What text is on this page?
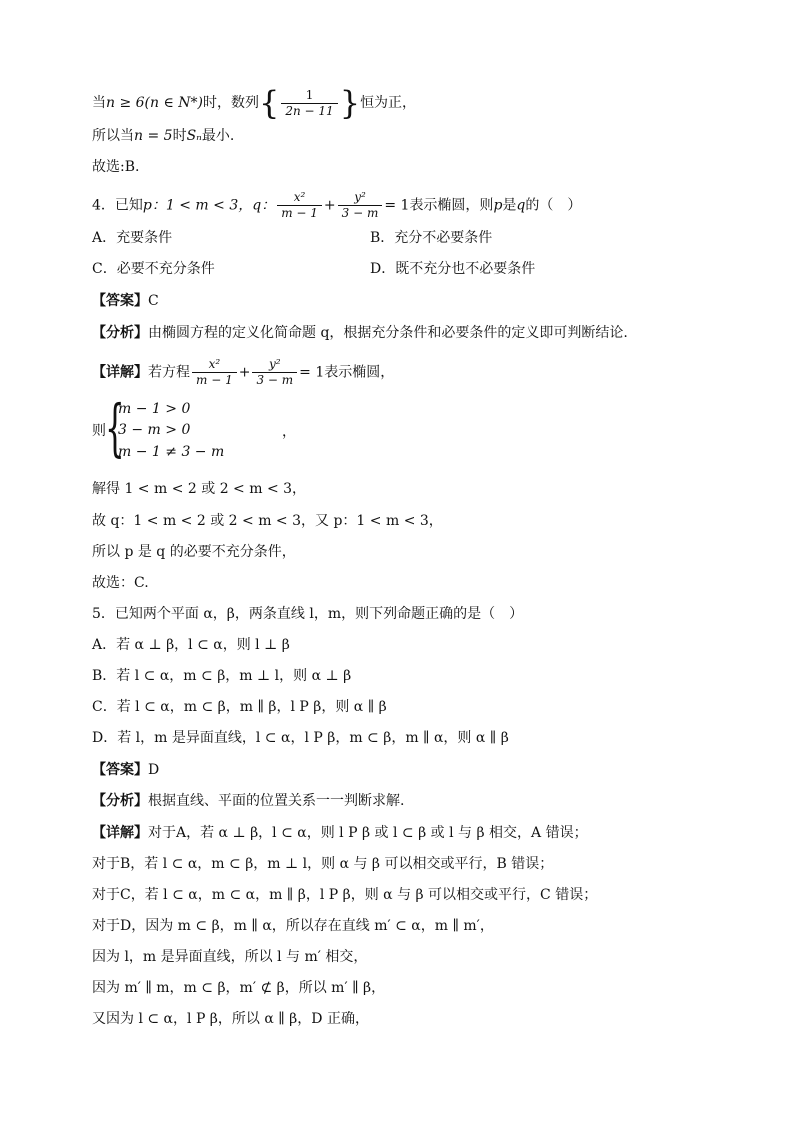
当n ≥ 6(n ∈ N*)时，数列{ $\frac{1}{2n - 11}$ }恒为正，
所以当n = 5时Sₙ最小.
故选:B.
4．已知p：1 < m < 3，q： $\frac{\text{x²}}{m - 1} + \frac{\text{y²}}{3 - m} = 1$表示椭圆，则p是q的（　）
A．充要条件	B．充分不必要条件
C．必要不充分条件	D．既不充分也不必要条件
【答案】C
【分析】由椭圆方程的定义化简命题 q，根据充分条件和必要条件的定义即可判断结论.
【详解】若方程 $\frac{\text{x²}}{m - 1} + \frac{\text{y²}}{3 - m} = 1$表示椭圆，
则 {
m − 1 > 0
3 − m > 0
m − 1 ≠ 3 − m
，
解得 1 < m < 2 或 2 < m < 3，
故 q：1 < m < 2 或 2 < m < 3，又 p：1 < m < 3，
所以 p 是 q 的必要不充分条件，
故选：C.
5．已知两个平面 α，β，两条直线 l，m，则下列命题正确的是（　）
A．若 α ⊥ β，l ⊂ α，则 l ⊥ β
B．若 l ⊂ α，m ⊂ β，m ⊥ l，则 α ⊥ β
C．若 l ⊂ α，m ⊂ β，m ∥ β，l P β，则 α ∥ β
D．若 l，m 是异面直线，l ⊂ α，l P β，m ⊂ β，m ∥ α，则 α ∥ β
【答案】D
【分析】根据直线、平面的位置关系一一判断求解.
【详解】对于A，若 α ⊥ β，l ⊂ α，则 l P β 或 l ⊂ β 或 l 与 β 相交，A 错误；
对于B，若 l ⊂ α，m ⊂ β，m ⊥ l，则 α 与 β 可以相交或平行，B 错误；
对于C，若 l ⊂ α，m ⊂ α，m ∥ β，l P β，则 α 与 β 可以相交或平行，C 错误；
对于D，因为 m ⊂ β，m ∥ α，所以存在直线 m′ ⊂ α，m ∥ m′，
因为 l，m 是异面直线，所以 l 与 m′ 相交，
因为 m′ ∥ m，m ⊂ β，m′ ⊄ β，所以 m′ ∥ β，
又因为 l ⊂ α，l P β，所以 α ∥ β，D 正确，
